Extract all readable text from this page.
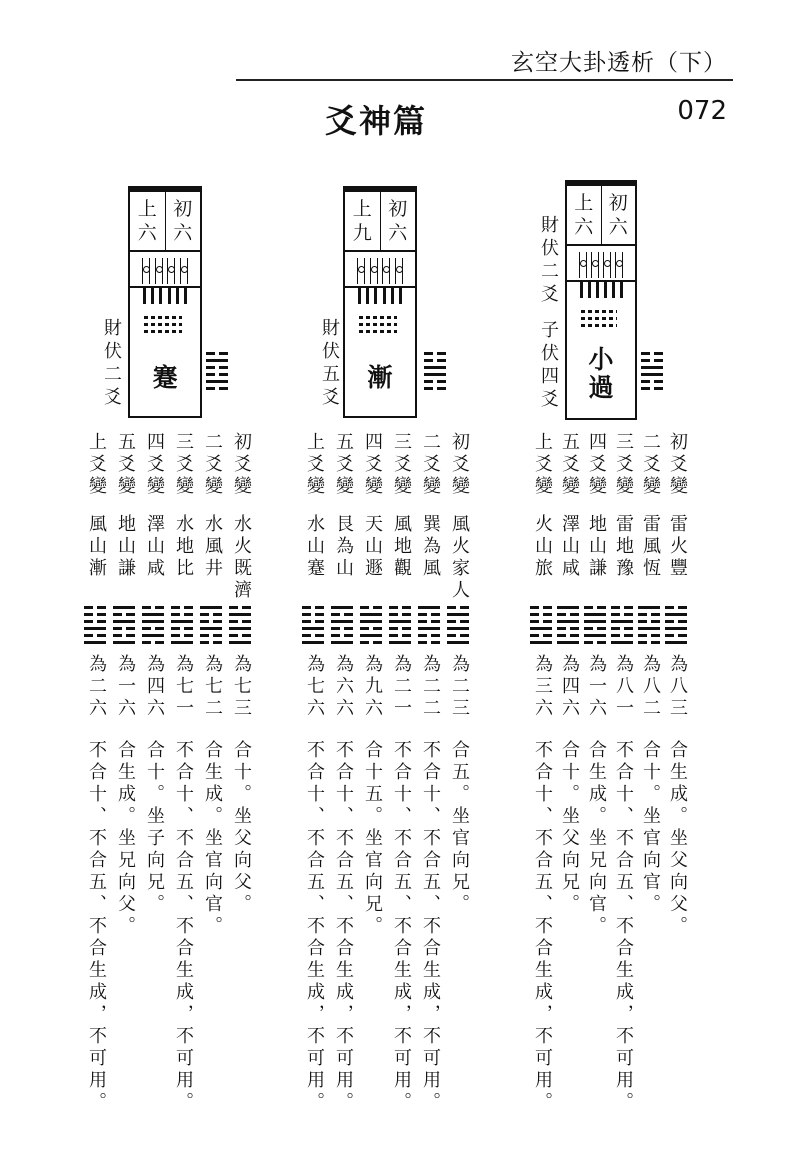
玄空大卦透析（下）
爻神篇	072
上
六
初
六
蹇
財伏二爻
上
九
初
六
漸
財伏五爻
上
六
初
六
小
過
財伏二爻
子伏四爻
初爻變
雷火豐
為八三
合生成。坐父向父。
二爻變
雷風恆
為八二
合十。坐官向官。
三爻變
雷地豫
為八一
不合十、不合五、不合生成，不可用。
四爻變
地山謙
為一六
合生成。坐兄向官。
五爻變
澤山咸
為四六
合十。坐父向兄。
上爻變
火山旅
為三六
不合十、不合五、不合生成，不可用。
初爻變
風火家人
為二三
合五。坐官向兄。
二爻變
巽為風
為二二
不合十、不合五、不合生成，不可用。
三爻變
風地觀
為二一
不合十、不合五、不合生成，不可用。
四爻變
天山遯
為九六
合十五。坐官向兄。
五爻變
艮為山
為六六
不合十、不合五、不合生成，不可用。
上爻變
水山蹇
為七六
不合十、不合五、不合生成，不可用。
初爻變
水火既濟
為七三
合十。坐父向父。
二爻變
水風井
為七二
合生成。坐官向官。
三爻變
水地比
為七一
不合十、不合五、不合生成，不可用。
四爻變
澤山咸
為四六
合十。坐子向兄。
五爻變
地山謙
為一六
合生成。坐兄向父。
上爻變
風山漸
為二六
不合十、不合五、不合生成，不可用。
